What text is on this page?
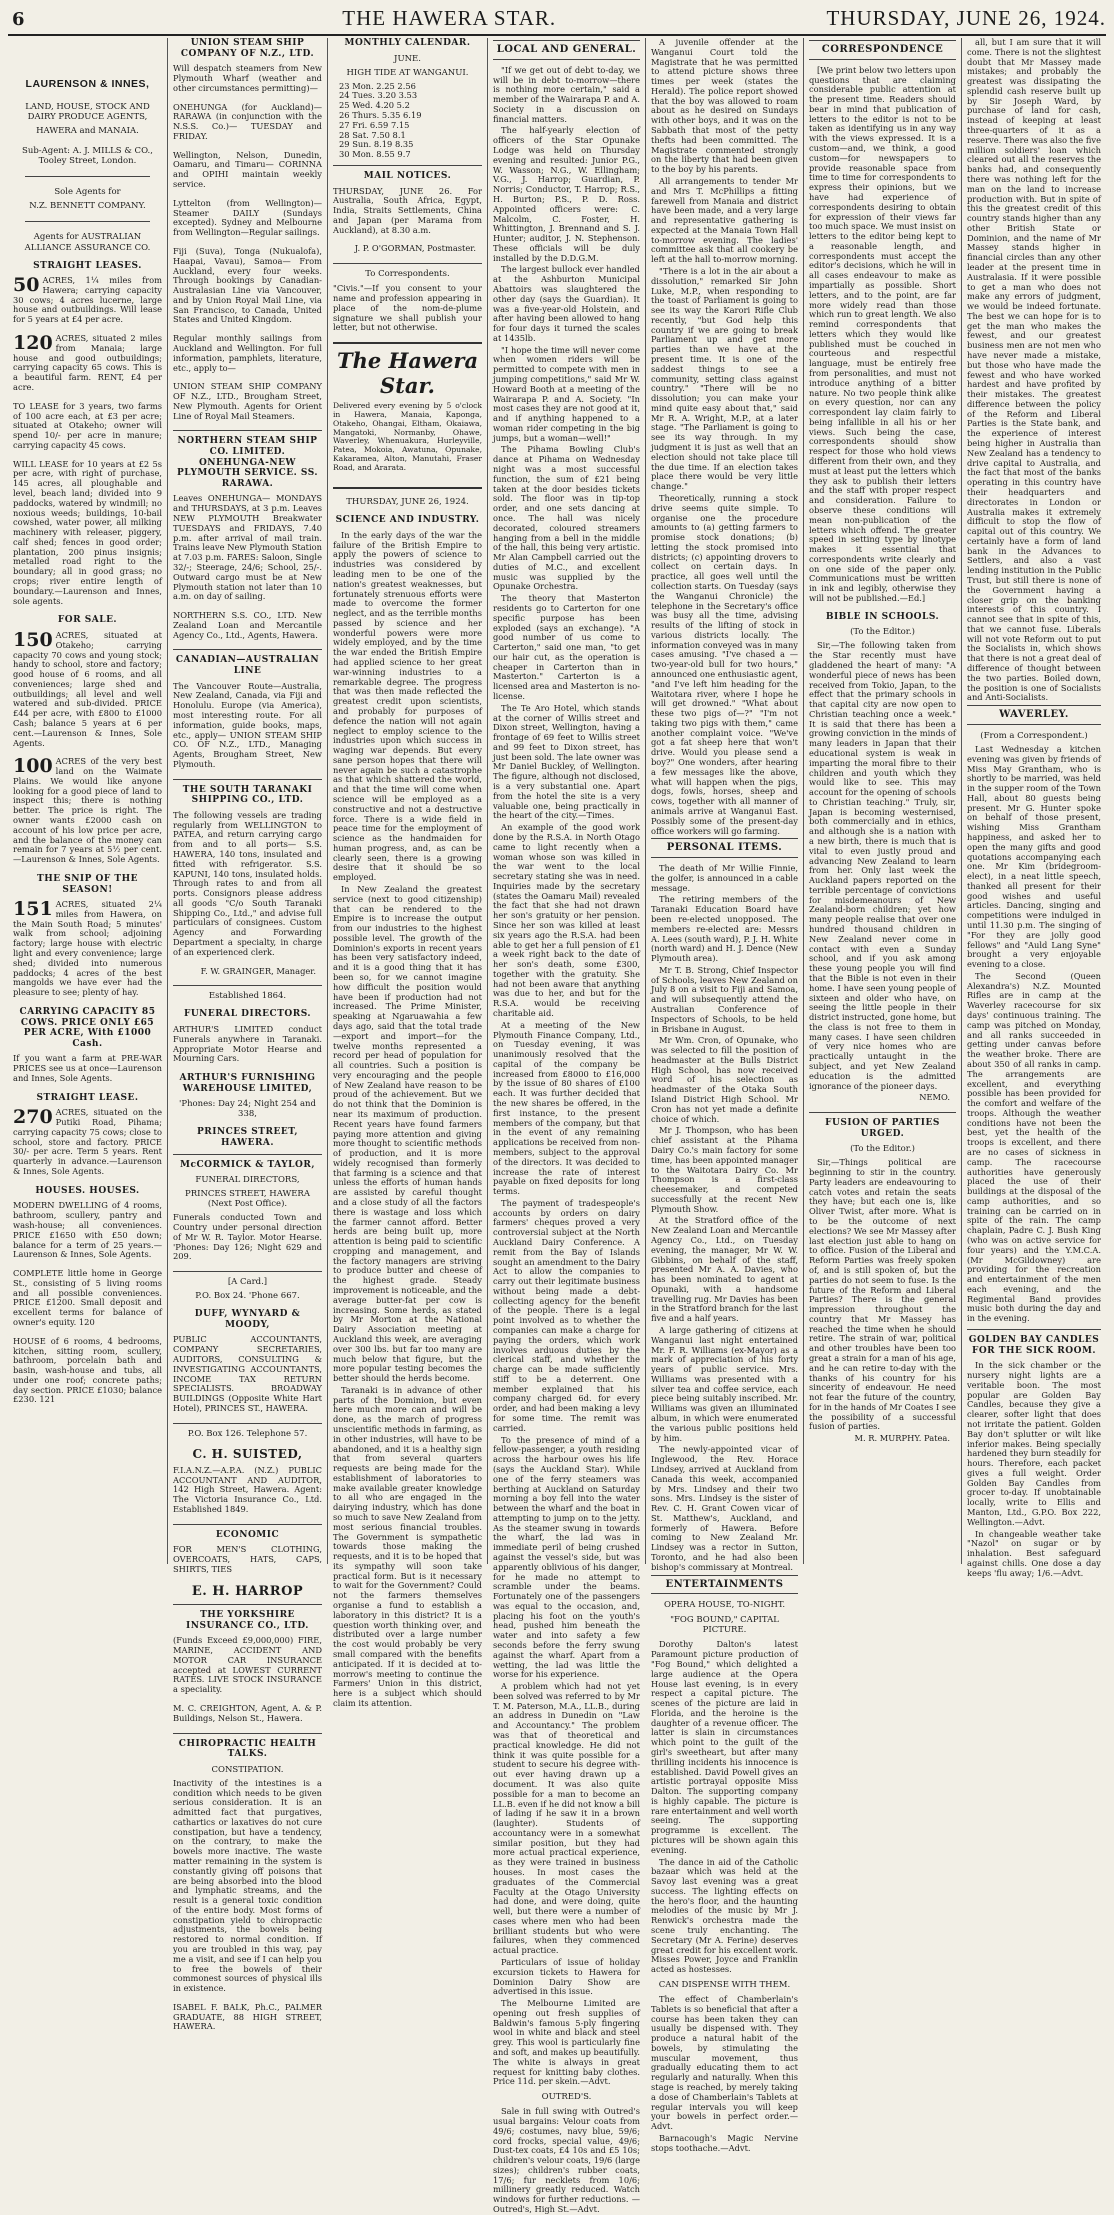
6	THE HAWERA STAR.	THURSDAY, JUNE 26, 1924.
LAURENSON & INNES,
LAND, HOUSE, STOCK AND DAIRY PRODUCE AGENTS,
HAWERA and MANAIA.
Sub-Agent: A. J. MILLS & CO., Tooley Street, London.
Sole Agents for
N.Z. BENNETT COMPANY.
Agents for AUSTRALIAN ALLIANCE ASSURANCE CO.
STRAIGHT LEASES.
50 ACRES, 1¼ miles from Hawera; carrying capacity 30 cows; 4 acres lucerne, large house and outbuildings. Will lease for 5 years at £4 per acre.
120 ACRES, situated 2 miles from Manaia; large house and good outbuildings; carrying capacity 65 cows. This is a beautiful farm. RENT, £4 per acre.
TO LEASE for 3 years, two farms of 100 acre each, at £3 per acre; situated at Otakeho; owner will spend 10/- per acre in manure; carrying capacity 45 cows.
WILL LEASE for 10 years at £2 5s per acre, with right of purchase, 145 acres, all ploughable and level, beach land; divided into 9 paddocks, watered by windmill; no noxious weeds; buildings, 10-bail cowshed, water power, all milking machinery with releaser, piggery, calf shed; fences in good order; plantation, 200 pinus insignis; metalled road right to the boundary; all in good grass; no crops; river entire length of boundary.—Laurenson and Innes, sole agents.
FOR SALE.
150 ACRES, situated at Otakeho; carrying capacity 70 cows and young stock; handy to school, store and factory; good house of 6 rooms, and all conveniences; large shed and outbuildings; all level and well watered and sub-divided. PRICE £44 per acre, with £800 to £1000 Cash; balance 5 years at 6 per cent.—Laurenson & Innes, Sole Agents.
100 ACRES of the very best land on the Waimate Plains. We would like anyone looking for a good piece of land to inspect this; there is nothing better. The price is right. The owner wants £2000 cash on account of his low price per acre, and the balance of the money can remain for 7 years at 5½ per cent.—Laurenson & Innes, Sole Agents.
THE SNIP OF THE SEASON!
151 ACRES, situated 2¼ miles from Hawera, on the Main South Road; 5 minutes' walk from school; adjoining factory; large house with electric light and every convenience; large shed; divided into numerous paddocks; 4 acres of the best mangolds we have ever had the pleasure to see; plenty of hay.
CARRYING CAPACITY 85 COWS. PRICE ONLY £65 PER ACRE, With £1000 Cash.
If you want a farm at PRE-WAR PRICES see us at once—Laurenson and Innes, Sole Agents.
STRAIGHT LEASE.
270 ACRES, situated on the Putiki Road, Pihama; carrying capacity 75 cows; close to school, store and factory. PRICE 30/- per acre. Term 5 years. Rent quarterly in advance.—Laurenson & Innes, Sole Agents.
HOUSES. HOUSES.
MODERN DWELLING of 4 rooms, bathroom, scullery, pantry and wash-house; all conveniences. PRICE £1650 with £50 down; balance for a term of 25 years.—Laurenson & Innes, Sole Agents.
COMPLETE little home in George St., consisting of 5 living rooms and all possible conveniences. PRICE £1200. Small deposit and excellent terms for balance of owner's equity. 120
HOUSE of 6 rooms, 4 bedrooms, kitchen, sitting room, scullery, bathroom, porcelain bath and basin, wash-house and tubs, all under one roof; concrete paths; day section. PRICE £1030; balance £230. 121
UNION STEAM SHIP COMPANY OF N.Z., LTD.
Will despatch steamers from New Plymouth Wharf (weather and other circumstances permitting)—
ONEHUNGA (for Auckland)— RARAWA (in conjunction with the N.S.S. Co.)— TUESDAY and FRIDAY.
Wellington, Nelson, Dunedin, Oamaru, and Timaru— CORINNA and OPIHI maintain weekly service.
Lyttelton (from Wellington)— Steamer DAILY (Sundays excepted). Sydney and Melbourne from Wellington—Regular sailings.
Fiji (Suva), Tonga (Nukualofa), Haapai, Vavau), Samoa— From Auckland, every four weeks. Through bookings by Canadian-Australasian Line via Vancouver, and by Union Royal Mail Line, via San Francisco, to Canada, United States and United Kingdom.
Regular monthly sailings from Auckland and Wellington. For full information, pamphlets, literature, etc., apply to—
UNION STEAM SHIP COMPANY OF N.Z., LTD., Brougham Street, New Plymouth. Agents for Orient Line of Royal Mail Steamers.
NORTHERN STEAM SHIP CO. LIMITED. ONEHUNGA-NEW PLYMOUTH SERVICE. SS. RARAWA.
Leaves ONEHUNGA— MONDAYS and THURSDAYS, at 3 p.m. Leaves NEW PLYMOUTH Breakwater TUESDAYS and FRIDAYS, 7.40 p.m. after arrival of mail train. Trains leave New Plymouth Station at 7.03 p.m. FARES: Saloon, Single 32/-; Steerage, 24/6; School, 25/-. Outward cargo must be at New Plymouth station not later than 10 a.m. on day of sailing.
NORTHERN S.S. CO., LTD. New Zealand Loan and Mercantile Agency Co., Ltd., Agents, Hawera.
CANADIAN—AUSTRALIAN LINE
The Vancouver Route—Australia, New Zealand, Canada, via Fiji and Honolulu. Europe (via America), most interesting route. For all information, guide books, maps, etc., apply— UNION STEAM SHIP CO. OF N.Z., LTD., Managing Agents, Brougham Street, New Plymouth.
THE SOUTH TARANAKI SHIPPING CO., LTD.
The following vessels are trading regularly from WELLINGTON to PATEA, and return carrying cargo from and to all ports— S.S. HAWERA, 140 tons, insulated and fitted with refrigerator. S.S. KAPUNI, 140 tons, insulated holds. Through rates to and from all ports. Consignors please address all goods "C/o South Taranaki Shipping Co., Ltd.," and advise full particulars of consignees. Custom Agency and Forwarding Department a specialty, in charge of an experienced clerk.
F. W. GRAINGER, Manager.
Established 1864.
FUNERAL DIRECTORS.
ARTHUR'S LIMITED conduct Funerals anywhere in Taranaki. Appropriate Motor Hearse and Mourning Cars.
ARTHUR'S FURNISHING WAREHOUSE LIMITED,
'Phones: Day 24; Night 254 and 338,
PRINCES STREET, HAWERA.
McCORMICK & TAYLOR,
FUNERAL DIRECTORS,
PRINCES STREET, HAWERA (Next Post Office).
Funerals conducted Town and Country under personal direction of Mr W. R. Taylor. Motor Hearse. 'Phones: Day 126; Night 629 and 209.
[A Card.]
P.O. Box 24. 'Phone 667.
DUFF, WYNYARD & MOODY,
PUBLIC ACCOUNTANTS, COMPANY SECRETARIES, AUDITORS, CONSULTING & INVESTIGATING ACCOUNTANTS, INCOME TAX RETURN SPECIALISTS. BROADWAY BUILDINGS (Opposite White Hart Hotel), PRINCES ST., HAWERA.
P.O. Box 126. Telephone 57.
C. H. SUISTED,
F.I.A.N.Z.—A.P.A. (N.Z.) PUBLIC ACCOUNTANT AND AUDITOR, 142 High Street, Hawera. Agent: The Victoria Insurance Co., Ltd. Established 1849.
ECONOMIC
FOR MEN'S CLOTHING, OVERCOATS, HATS, CAPS, SHIRTS, TIES
E. H. HARROP
THE YORKSHIRE INSURANCE CO., LTD.
(Funds Exceed £9,000,000) FIRE, MARINE, ACCIDENT AND MOTOR CAR INSURANCE accepted at LOWEST CURRENT RATES. LIVE STOCK INSURANCE a speciality.
M. C. CREIGHTON, Agent, A. & P. Buildings, Nelson St., Hawera.
CHIROPRACTIC HEALTH TALKS.
CONSTIPATION.
Inactivity of the intestines is a condition which needs to be given serious consideration. It is an admitted fact that purgatives, cathartics or laxatives do not cure constipation, but have a tendency, on the contrary, to make the bowels more inactive. The waste matter remaining in the system is constantly giving off poisons that are being absorbed into the blood and lymphatic streams, and the result is a general toxic condition of the entire body. Most forms of constipation yield to chiropractic adjustments, the bowels being restored to normal condition. If you are troubled in this way, pay me a visit, and see if I can help you to free the bowels of their commonest sources of physical ills in existence.
ISABEL F. BALK, Ph.C., PALMER GRADUATE, 88 HIGH STREET, HAWERA.
MONTHLY CALENDAR.
JUNE.
HIGH TIDE AT WANGANUI.
23 Mon. 2.25 2.56
24 Tues. 3.20 3.53
25 Wed. 4.20 5.2
26 Thurs. 5.35 6.19
27 Fri. 6.59 7.15
28 Sat. 7.50 8.1
29 Sun. 8.19 8.35
30 Mon. 8.55 9.7
MAIL NOTICES.
THURSDAY, JUNE 26. For Australia, South Africa, Egypt, India, Straits Settlements, China and Japan (per Marama from Auckland), at 8.30 a.m.
J. P. O'GORMAN, Postmaster.
To Correspondents.
"Civis."—If you consent to your name and profession appearing in place of the nom-de-plume signature we shall publish your letter, but not otherwise.
The Hawera Star.
Delivered every evening by 5 o'clock in Hawera, Manaia, Kaponga, Otakeho, Ohangai, Eltham, Okaiawa, Mangatoki, Normanby, Ohawe, Waverley, Whenuakura, Hurleyville, Patea, Mokoia, Awatuna, Opunake, Kakaramea, Alton, Manutahi, Fraser Road, and Ararata.
THURSDAY, JUNE 26, 1924.
SCIENCE AND INDUSTRY.
In the early days of the war the failure of the British Empire to apply the powers of science to industries was considered by leading men to be one of the nation's greatest weaknesses, but fortunately strenuous efforts were made to overcome the former neglect, and as the terrible months passed by science and her wonderful powers were more widely employed, and by the time the war ended the British Empire had applied science to her great war-winning industries to a remarkable degree. The progress that was then made reflected the greatest credit upon scientists, and probably for purposes of defence the nation will not again neglect to employ science to the industries upon which success in waging war depends. But every sane person hopes that there will never again be such a catastrophe as that which shattered the world, and that the time will come when science will be employed as a constructive and not a destructive force. There is a wide field in peace time for the employment of science as the handmaiden for human progress, and, as can be clearly seen, there is a growing desire that it should be so employed.
In New Zealand the greatest service (next to good citizenship) that can be rendered to the Empire is to increase the output from our industries to the highest possible level. The growth of the Dominion's exports in recent years has been very satisfactory indeed, and it is a good thing that it has been so, for we cannot imagine how difficult the position would have been if production had not increased. The Prime Minister, speaking at Ngaruawahia a few days ago, said that the total trade—export and import—for the twelve months represented a record per head of population for all countries. Such a position is very encouraging and the people of New Zealand have reason to be proud of the achievement. But we do not think that the Dominion is near its maximum of production. Recent years have found farmers paying more attention and giving more thought to scientific methods of production, and it is more widely recognised than formerly that farming is a science and that unless the efforts of human hands are assisted by careful thought and a close study of all the factors there is wastage and loss which the farmer cannot afford. Better herds are being built up, more attention is being paid to scientific cropping and management, and the factory managers are striving to produce butter and cheese of the highest grade. Steady improvement is noticeable, and the average butter-fat per cow is increasing. Some herds, as stated by Mr Morton at the National Dairy Association meeting at Auckland this week, are averaging over 300 lbs. but far too many are much below that figure, but the more popular testing becomes the better should the herds become.
Taranaki is in advance of other parts of the Dominion, but even here much more can and will be done, as the march of progress unscientific methods in farming, as in other industries, will have to be abandoned, and it is a healthy sign that from several quarters requests are being made for the establishment of laboratories to make available greater knowledge to all who are engaged in the dairying industry, which has done so much to save New Zealand from most serious financial troubles. The Government is sympathetic towards those making the requests, and it is to be hoped that its sympathy will soon take practical form. But is it necessary to wait for the Government? Could not the farmers themselves organise a fund to establish a laboratory in this district? It is a question worth thinking over, and distributed over a large number the cost would probably be very small compared with the benefits anticipated. If it is decided at to-morrow's meeting to continue the Farmers' Union in this district, here is a subject which should claim its attention.
LOCAL AND GENERAL.
"If we get out of debt to-day, we will be in debt to-morrow—there is nothing more certain," said a member of the Wairarapa P. and A. Society in a discussion on financial matters.
The half-yearly election of officers of the Star Opunake Lodge was held on Thursday evening and resulted: Junior P.G., W. Wasson; N.G., W. Ellingham; V.G., J. Harrop; Guardian, P. Norris; Conductor, T. Harrop; R.S., H. Burton; P.S., P. D. Ross. Appointed officers were: C. Malcolm, C. Foster, H. Whittington, J. Brennand and S. J. Hunter; auditor, J. N. Stephenson. These officials will be duly installed by the D.D.G.M.
The largest bullock ever handled at the Ashburton Municipal Abattoirs was slaughtered the other day (says the Guardian). It was a five-year-old Holstein, and after having been allowed to hang for four days it turned the scales at 1435lb.
"I hope the time will never come when women riders will be permitted to compete with men in jumping competitions," said Mr W. Howard Booth at a meeting of the Wairarapa P. and A. Society. "In most cases they are not good at it, and if anything happened to a woman rider competing in the big jumps, but a woman—well!"
The Pihama Bowling Club's dance at Pihama on Wednesday night was a most successful function, the sum of £21 being taken at the door besides tickets sold. The floor was in tip-top order, and one sets dancing at once. The hall was nicely decorated, coloured streamers hanging from a bell in the middle of the hall, this being very artistic. Mr Alan Campbell carried out the duties of M.C., and excellent music was supplied by the Opunake Orchestra.
The theory that Masterton residents go to Carterton for one specific purpose has been exploded (says an exchange). "A good number of us come to Carterton," said one man, "to get our hair cut, as the operation is cheaper in Carterton than in Masterton." Carterton is a licensed area and Masterton is no-license.
The Te Aro Hotel, which stands at the corner of Willis street and Dixon street, Wellington, having a frontage of 69 feet to Willis street and 99 feet to Dixon street, has just been sold. The late owner was Mr Daniel Buckley, of Wellington. The figure, although not disclosed, is a very substantial one. Apart from the hotel the site is a very valuable one, being practically in the heart of the city.—Times.
An example of the good work done by the R.S.A. in North Otago came to light recently when a woman whose son was killed in the war went to the local secretary stating she was in need. Inquiries made by the secretary (states the Oamaru Mail) revealed the fact that she had not drawn her son's gratuity or her pension. Since her son was killed at least six years ago the R.S.A. had been able to get her a full pension of £1 a week right back to the date of her son's death, some £300, together with the gratuity. She had not been aware that anything was due to her, and but for the R.S.A. would be receiving charitable aid.
At a meeting of the New Plymouth Finance Company, Ltd., on Tuesday evening, it was unanimously resolved that the capital of the company be increased from £8000 to £16,000 by the issue of 80 shares of £100 each. It was further decided that the new shares be offered, in the first instance, to the present members of the company, but that in the event of any remaining applications be received from non-members, subject to the approval of the directors. It was decided to increase the rate of interest payable on fixed deposits for long terms.
The payment of tradespeople's accounts by orders on dairy farmers' cheques proved a very controversial subject at the North Auckland Dairy Conference. A remit from the Bay of Islands sought an amendment to the Dairy Act to allow the companies to carry out their legitimate business without being made a debt-collecting agency for the benefit of the people. There is a legal point involved as to whether the companies can make a charge for paying the orders, which work involves arduous duties by the clerical staff, and whether the charge can be made sufficiently stiff to be a deterrent. One member explained that his company charged 6d. for every order, and had been making a levy for some time. The remit was carried.
To the presence of mind of a fellow-passenger, a youth residing across the harbour owes his life (says the Auckland Star). While one of the ferry steamers was berthing at Auckland on Saturday morning a boy fell into the water between the wharf and the boat in attempting to jump on to the jetty. As the steamer swung in towards the wharf, the lad was in immediate peril of being crushed against the vessel's side, but was apparently oblivious of his danger, for he made no attempt to scramble under the beams. Fortunately one of the passengers was equal to the occasion, and, placing his foot on the youth's head, pushed him beneath the water and into safety a few seconds before the ferry swung against the wharf. Apart from a wetting, the lad was little the worse for his experience.
A problem which had not yet been solved was referred to by Mr T. M. Paterson, M.A., LL.B., during an address in Dunedin on "Law and Accountancy." The problem was that of theoretical and practical knowledge. He did not think it was quite possible for a student to secure his degree with-out ever having drawn up a document. It was also quite possible for a man to become an LL.B. even if he did not know a bill of lading if he saw it in a brown (laughter). Students of accountancy were in a somewhat similar position, but they had more actual practical experience, as they were trained in business houses. In most cases the graduates of the Commercial Faculty at the Otago University had done, and were doing, quite well, but there were a number of cases where men who had been brilliant students but who were failures, when they commenced actual practice.
Particulars of issue of holiday excursion tickets to Hawera for Dominion Dairy Show are advertised in this issue.
The Melbourne Limited are opening out fresh supplies of Baldwin's famous 5-ply fingering wool in white and black and steel grey. This wool is particularly fine and soft, and makes up beautifully. The white is always in great request for knitting baby clothes. Price 11d. per skein.—Advt.
OUTRED'S.
Sale in full swing with Outred's usual bargains: Velour coats from 49/6; costumes, navy blue, 59/6; cord frocks, special value, 49/6; Dust-tex coats, £4 10s and £5 10s; children's velour coats, 19/6 (large sizes); children's rubber coats, 17/6; fur necklets from 10/6; millinery greatly reduced. Watch windows for further reductions. —Outred's, High St.—Advt.
A juvenile offender at the Wanganui Court told the Magistrate that he was permitted to attend picture shows three times per week (states the Herald). The police report showed that the boy was allowed to roam about as he desired on Sundays with other boys, and it was on the Sabbath that most of the petty thefts had been committed. The Magistrate commented strongly on the liberty that had been given to the boy by his parents.
All arrangements to tender Mr and Mrs T. McPhillips a fitting farewell from Manaia and district have been made, and a very large and representative gathering is expected at the Manaia Town Hall to-morrow evening. The ladies' committee ask that all cookery be left at the hall to-morrow morning.
"There is a lot in the air about a dissolution," remarked Sir John Luke, M.P., when responding to the toast of Parliament is going to see its way the Karori Rifle Club recently, "but God help this country if we are going to break Parliament up and get more parties than we have at the present time. It is one of the saddest things to see a community, setting class against country." "There will be no dissolution; you can make your mind quite easy about that," said Mr R. A. Wright, M.P., at a later stage. "The Parliament is going to see its way through. In my judgment it is just as well that an election should not take place till the due time. If an election takes place there would be very little change."
Theoretically, running a stock drive seems quite simple. To organise one the procedure amounts to (a) getting farmers to promise stock donations; (b) letting the stock promised into districts; (c) appointing drovers to collect on certain days. In practice, all goes well until the collection starts. On Tuesday (says the Wanganui Chronicle) the telephone in the Secretary's office was busy all the time, advising results of the lifting of stock in various districts locally. The information conveyed was in many cases amusing. "I've chased a — two-year-old bull for two hours," announced one enthusiastic agent, "and I've left him heading for the Waitotara river, where I hope he will get drowned." "What about these two pigs of—?" "I'm not taking two pigs with them," came another complaint voice. "We've got a fat sheep here that won't drive. Would you please send a boy?" One wonders, after hearing a few messages like the above, what will happen when the pigs, dogs, fowls, horses, sheep and cows, together with all manner of animals arrive at Wanganui East. Possibly some of the present-day office workers will go farming.
PERSONAL ITEMS.
The death of Mr Willie Finnie, the golfer, is announced in a cable message.
The retiring members of the Taranaki Education Board have been re-elected unopposed. The members re-elected are: Messrs A. Lees (south ward), P. J. H. White (north ward) and H. J. Dence (New Plymouth area).
Mr T. B. Strong, Chief Inspector of Schools, leaves New Zealand on July 8 on a visit to Fiji and Samoa, and will subsequently attend the Australian Conference of Inspectors of Schools, to be held in Brisbane in August.
Mr Wm. Cron, of Opunake, who was selected to fill the position of headmaster at the Bulls District High School, has now received word of his selection as headmaster of the Otaka South Island District High School. Mr Cron has not yet made a definite choice of which.
Mr J. Thompson, who has been chief assistant at the Pihama Dairy Co.'s main factory for some time, has been appointed manager to the Waitotara Dairy Co. Mr Thompson is a first-class cheesemaker, and competed successfully at the recent New Plymouth Show.
At the Stratford office of the New Zealand Loan and Mercantile Agency Co., Ltd., on Tuesday evening, the manager, Mr W. W. Gibbins, on behalf of the staff, presented Mr A. A. Davies, who has been nominated to agent at Opunaki, with a handsome travelling rug. Mr Davies has been in the Stratford branch for the last five and a half years.
A large gathering of citizens at Wanganui last night entertained Mr. F. R. Williams (ex-Mayor) as a mark of appreciation of his forty years of public service. Mrs. Williams was presented with a silver tea and coffee service, each piece being suitably inscribed. Mr. Williams was given an illuminated album, in which were enumerated the various public positions held by him.
The newly-appointed vicar of Inglewood, the Rev. Horace Lindsey, arrived at Auckland from Canada this week, accompanied by Mrs. Lindsey and their two sons. Mrs. Lindsey is the sister of Rev. C. H. Grant Cowen vicar of St. Matthew's, Auckland, and formerly of Hawera. Before coming to New Zealand Mr. Lindsey was a rector in Sutton, Toronto, and he had also been bishop's commissary at Montreal.
ENTERTAINMENTS
OPERA HOUSE, TO-NIGHT.
"FOG BOUND," CAPITAL PICTURE.
Dorothy Dalton's latest Paramount picture production of "Fog Bound," which delighted a large audience at the Opera House last evening, is in every respect a capital picture. The scenes of the picture are laid in Florida, and the heroine is the daughter of a revenue officer. The latter is slain in circumstances which point to the guilt of the girl's sweetheart, but after many thrilling incidents his innocence is established. David Powell gives an artistic portrayal opposite Miss Dalton. The supporting company is highly capable. The picture is rare entertainment and well worth seeing. The supporting programme is excellent. The pictures will be shown again this evening.
The dance in aid of the Catholic bazaar which was held at the Savoy last evening was a great success. The lighting effects on the hero's floor, and the haunting melodies of the music by Mr J. Renwick's orchestra made the scene truly enchanting. The Secretary (Mr A. Ferine) deserves great credit for his excellent work. Misses Power, Joyce and Franklin acted as hostesses.
CAN DISPENSE WITH THEM.
The effect of Chamberlain's Tablets is so beneficial that after a course has been taken they can usually be dispensed with. They produce a natural habit of the bowels, by stimulating the muscular movement, thus gradually educating them to act regularly and naturally. When this stage is reached, by merely taking a dose of Chamberlain's Tablets at regular intervals you will keep your bowels in perfect order.—Advt.
Barnacough's Magic Nervine stops toothache.—Advt.
CORRESPONDENCE
[We print below two letters upon questions that are claiming considerable public attention at the present time. Readers should bear in mind that publication of letters to the editor is not to be taken as identifying us in any way with the views expressed. It is a custom—and, we think, a good custom—for newspapers to provide reasonable space from time to time for correspondents to express their opinions, but we have had experience of correspondents desiring to obtain for expression of their views far too much space. We must insist on letters to the editor being kept to a reasonable length, and correspondents must accept the editor's decisions, which he will in all cases endeavour to make as impartially as possible. Short letters, and to the point, are far more widely read than those which run to great length. We also remind correspondents that letters which they would like published must be couched in courteous and respectful language, must be entirely free from personalities, and must not introduce anything of a bitter nature. No two people think alike on every question, nor can any correspondent lay claim fairly to being infallible in all his or her views. Such being the case, correspondents should show respect for those who hold views different from their own, and they must at least put the letters which they ask to publish their letters and the staff with proper respect and consideration. Failure to observe these conditions will mean non-publication of the letters which offend. The greater speed in setting type by linotype makes it essential that correspondents write clearly and on one side of the paper only. Communications must be written in ink and legibly, otherwise they will not be published.—Ed.]
BIBLE IN SCHOOLS.
(To the Editor.)
Sir,—The following taken from the Star recently must have gladdened the heart of many: "A wonderful piece of news has been received from Tokio, Japan, to the effect that the primary schools in that capital city are now open to Christian teaching once a week." It is said that there has been a growing conviction in the minds of many leaders in Japan that their educational system is weak in imparting the moral fibre to their children and youth which they would like to see. This may account for the opening of schools to Christian teaching." Truly, sir, Japan is becoming westernised, both commercially and in ethics, and although she is a nation with a new birth, there is much that is vital to even justly proud and advancing New Zealand to learn from her. Only last week the Auckland papers reported on the terrible percentage of convictions for misdemeanours of New Zealand-born children; yet how many people realise that over one hundred thousand children in New Zealand never come in contact with even a Sunday school, and if you ask among these young people you will find that the Bible is not even in their home. I have seen young people of sixteen and older who have, on seeing the little people in their district instructed, gone home, but the class is not free to them in many cases. I have seen children of very nice homes who are practically untaught in the subject, and yet New Zealand education is the admitted ignorance of the pioneer days.
NEMO.
FUSION OF PARTIES URGED.
(To the Editor.)
Sir,—Things political are beginning to stir in the country. Party leaders are endeavouring to catch votes and retain the seats they have; but each one is, like Oliver Twist, after more. What is to be the outcome of next elections? We see Mr Massey after last election just able to hang on to office. Fusion of the Liberal and Reform Parties was freely spoken of, and is still spoken of, but the parties do not seem to fuse. Is the future of the Reform and Liberal Parties? There is the general impression throughout the country that Mr Massey has reached the time when he should retire. The strain of war, political and other troubles have been too great a strain for a man of his age, and he can retire to-day with the thanks of his country for his sincerity of endeavour. He need not fear the future of the country, for in the hands of Mr Coates I see the possibility of a successful fusion of parties.
M. R. MURPHY. Patea.
all, but I am sure that it will come. There is not the slightest doubt that Mr Massey made mistakes; and probably the greatest was dissipating the splendid cash reserve built up by Sir Joseph Ward, by purchase of land for cash, instead of keeping at least three-quarters of it as a reserve. There was also the five million soldiers' loan which cleared out all the reserves the banks had, and consequently there was nothing left for the man on the land to increase production with. But in spite of this the greatest credit of this country stands higher than any other British State or Dominion, and the name of Mr Massey stands higher in financial circles than any other leader at the present time in Australasia. If it were possible to get a man who does not make any errors of judgment, we would be indeed fortunate. The best we can hope for is to get the man who makes the fewest, and our greatest business men are not men who have never made a mistake, but those who have made the fewest and who have worked hardest and have profited by their mistakes. The greatest difference between the policy of the Reform and Liberal Parties is the State bank, and the experience of interest being higher in Australia than New Zealand has a tendency to drive capital to Australia, and the fact that most of the banks operating in this country have their headquarters and directorates in London or Australia makes it extremely difficult to stop the flow of capital out of this country. We certainly have a form of land bank in the Advances to Settlers, and also a vast lending institution in the Public Trust, but still there is none of the Government having a closer grip on the banking interests of this country. I cannot see that in spite of this, that we cannot fuse. Liberals will not vote Reform out to put the Socialists in, which shows that there is not a great deal of difference of thought between the two parties. Boiled down, the position is one of Socialists and Anti-Socialists.
WAVERLEY.
(From a Correspondent.)
Last Wednesday a kitchen evening was given by friends of Miss May Grantham, who is shortly to be married, was held in the supper room of the Town Hall, about 80 guests being present. Mr G. Hunter spoke on behalf of those present, wishing Miss Grantham happiness, and asked her to open the many gifts and good quotations accompanying each one. Mr Kim (bridegroom-elect), in a neat little speech, thanked all present for their good wishes and useful articles. Dancing, singing and competitions were indulged in until 11.30 p.m. The singing of "For they are jolly good fellows" and "Auld Lang Syne" brought a very enjoyable evening to a close.
The Second (Queen Alexandra's) N.Z. Mounted Rifles are in camp at the Waverley racecourse for six days' continuous training. The camp was pitched on Monday, and all ranks succeeded in getting under canvas before the weather broke. There are about 350 of all ranks in camp. The arrangements are excellent, and everything possible has been provided for the comfort and welfare of the troops. Although the weather conditions have not been the best, yet the health of the troops is excellent, and there are no cases of sickness in camp. The racecourse authorities have generously placed the use of their buildings at the disposal of the camp authorities, and so training can be carried on in spite of the rain. The camp chaplain, Padre C. J. Bush King (who was on active service for four years) and the Y.M.C.A. (Mr McGildowney) are providing for the recreation and entertainment of the men each evening, and the Regimental Band provides music both during the day and in the evening.
GOLDEN BAY CANDLES FOR THE SICK ROOM.
In the sick chamber or the nursery night lights are a veritable boon. The most popular are Golden Bay Candles, because they give a clearer, softer light that does not irritate the patient. Golden Bay don't splutter or wilt like inferior makes. Being specially hardened they burn steadily for hours. Therefore, each packet gives a full weight. Order Golden Bay Candles from grocer to-day. If unobtainable locally, write to Ellis and Manton, Ltd., G.P.O. Box 222, Wellington.—Advt.
In changeable weather take "Nazol" on sugar or by inhalation. Best safeguard against chills. One dose a day keeps 'flu away; 1/6.—Advt.
